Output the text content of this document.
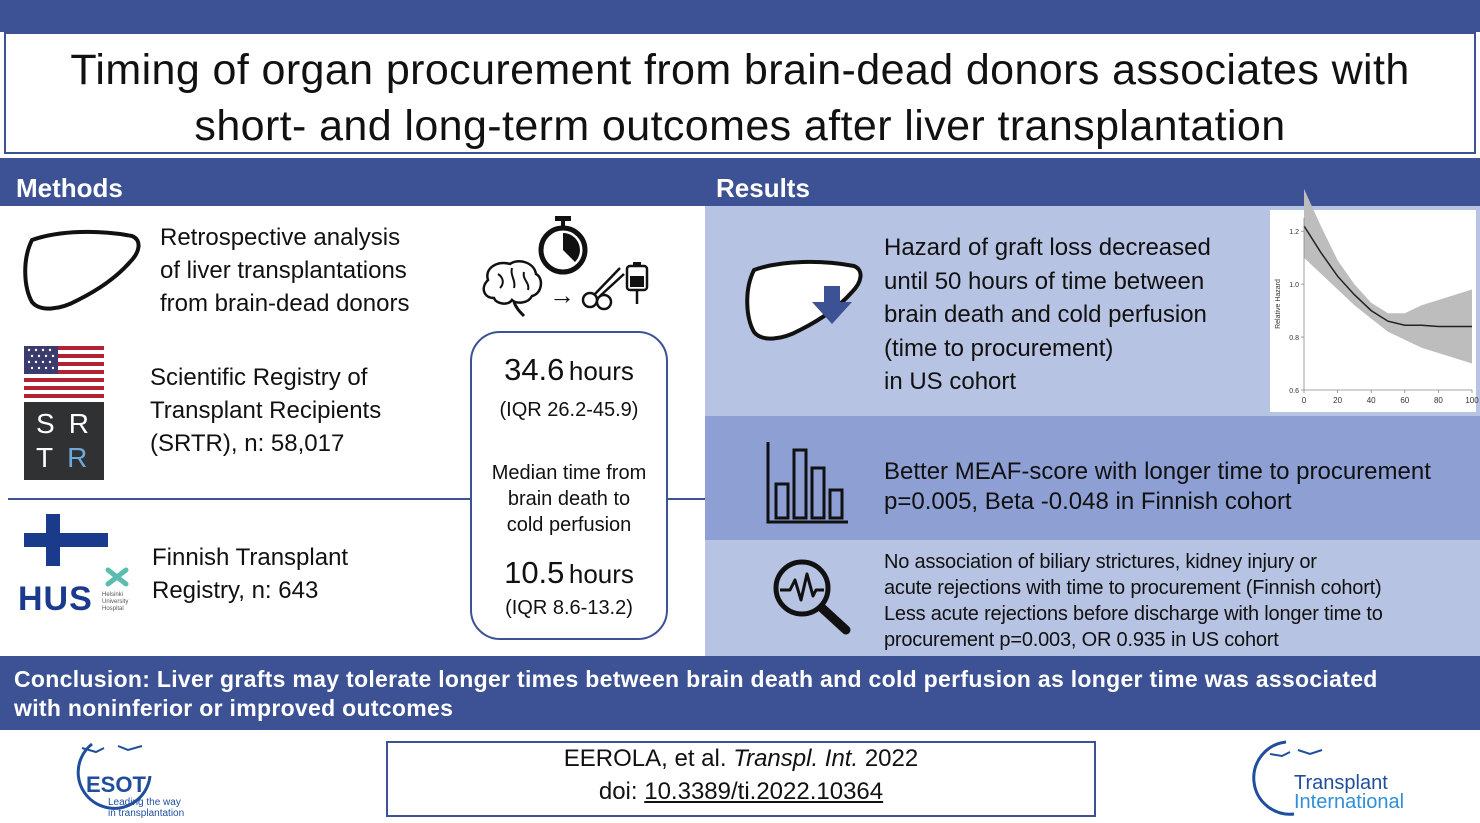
Timing of organ procurement from brain-dead donors associates with
short- and long-term outcomes after liver transplantation
Methods	Results
Retrospective analysis
of liver transplantations
from brain-dead donors	→
SR
TR
Scientific Registry of
Transplant Recipients
(SRTR), n: 58,017
HUS Helsinki
University
Hospital
Finnish Transplant
Registry, n: 643
34.6 hours
(IQR 26.2-45.9)
Median time from
brain death to
cold perfusion
10.5 hours
(IQR 8.6-13.2)
Hazard of graft loss decreased
until 50 hours of time between
brain death and cold perfusion
(time to procurement)
in US cohort
0	20	40	60	80	100
0.6
0.8
1.0
1.2
Relative Hazard
Better MEAF-score with longer time to procurement
p=0.005, Beta -0.048 in Finnish cohort
No association of biliary strictures, kidney injury or
acute rejections with time to procurement (Finnish cohort)
Less acute rejections before discharge with longer time to
procurement p=0.003, OR 0.935 in US cohort
Conclusion: Liver grafts may tolerate longer times between brain death and cold perfusion as longer time was associated
with noninferior or improved outcomes
ESOT
Leading the way
in transplantation
EEROLA, et al. Transpl. Int. 2022
doi: 10.3389/ti.2022.10364	Transplant
International
